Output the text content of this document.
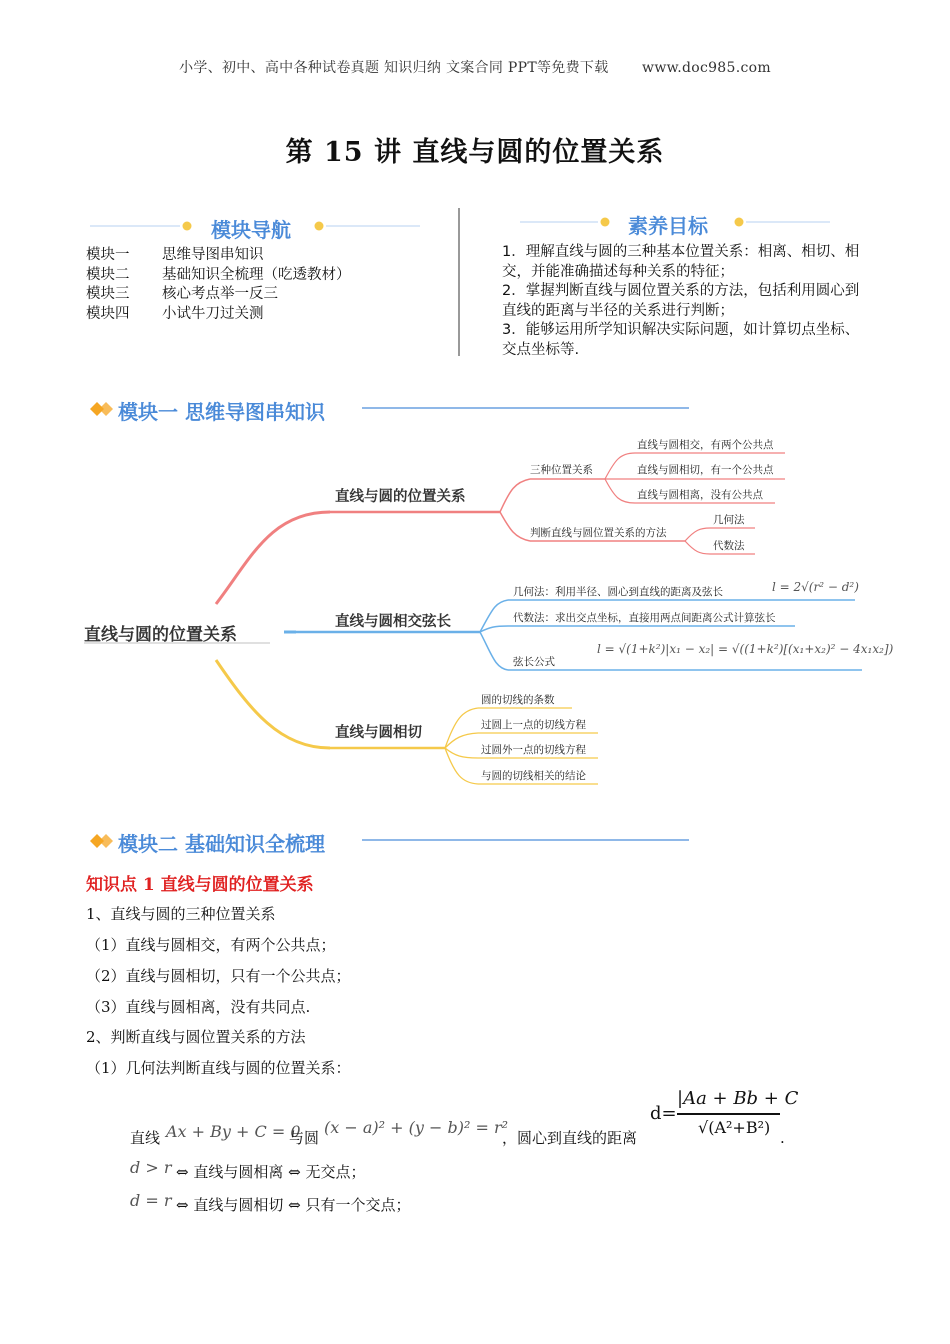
小学、初中、高中各种试卷真题 知识归纳 文案合同 PPT等免费下载 www.doc985.com
第 15 讲 直线与圆的位置关系
模块导航
模块一 思维导图串知识
模块二 基础知识全梳理（吃透教材）
模块三 核心考点举一反三
模块四 小试牛刀过关测
素养目标
1．理解直线与圆的三种基本位置关系：相离、相切、相交，并能准确描述每种关系的特征；
2．掌握判断直线与圆位置关系的方法，包括利用圆心到直线的距离与半径的关系进行判断；
3．能够运用所学知识解决实际问题，如计算切点坐标、交点坐标等.
模块一 思维导图串知识
直线与圆的位置关系
直线与圆的位置关系
三种位置关系
直线与圆相交，有两个公共点
直线与圆相切，有一个公共点
直线与圆相离，没有公共点
判断直线与圆位置关系的方法
几何法
代数法
直线与圆相交弦长
几何法：利用半径、圆心到直线的距离及弦长	l = 2√(r² − d²)
代数法：求出交点坐标，直接用两点间距离公式计算弦长
弦长公式
l = √(1+k²)|x₁ − x₂| = √((1+k²)[(x₁+x₂)² − 4x₁x₂])
直线与圆相切
圆的切线的条数
过圆上一点的切线方程
过圆外一点的切线方程
与圆的切线相关的结论
模块二 基础知识全梳理
知识点 1 直线与圆的位置关系
1、直线与圆的三种位置关系
（1）直线与圆相交，有两个公共点；
（2）直线与圆相切，只有一个公共点；
（3）直线与圆相离，没有共同点.
2、判断直线与圆位置关系的方法
（1）几何法判断直线与圆的位置关系：
直线 Ax + By + C = 0
与圆
(x − a)² + (y − b)² = r²
，圆心到直线的距离
d=
|Aa + Bb + C
√(A²+B²)
.
d > r ⇔ 直线与圆相离 ⇔ 无交点；
d = r ⇔ 直线与圆相切 ⇔ 只有一个交点；
